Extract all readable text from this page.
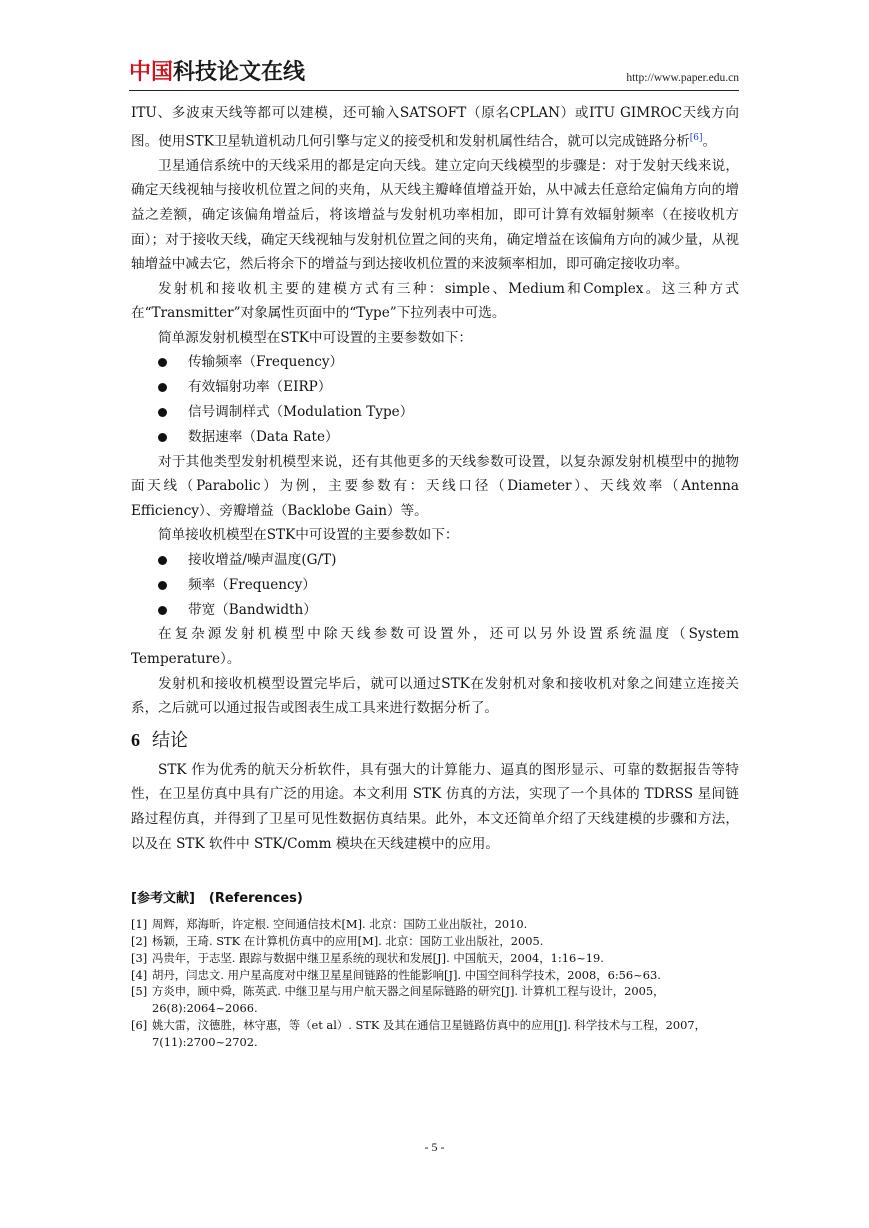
中国科技论文在线	http://www.paper.edu.cn

ITU、多波束天线等都可以建模，还可输入SATSOFT（原名CPLAN）或ITU GIMROC天线方向图。使用STK卫星轨道机动几何引擎与定义的接受机和发射机属性结合，就可以完成链路分析[6]。

卫星通信系统中的天线采用的都是定向天线。建立定向天线模型的步骤是：对于发射天线来说，确定天线视轴与接收机位置之间的夹角，从天线主瓣峰值增益开始，从中减去任意给定偏角方向的增益之差额，确定该偏角增益后，将该增益与发射机功率相加，即可计算有效辐射频率（在接收机方面）；对于接收天线，确定天线视轴与发射机位置之间的夹角，确定增益在该偏角方向的减少量，从视轴增益中减去它，然后将余下的增益与到达接收机位置的来波频率相加，即可确定接收功率。

发射机和接收机主要的建模方式有三种：simple、Medium和Complex。这三种方式在“Transmitter”对象属性页面中的“Type”下拉列表中可选。

简单源发射机模型在STK中可设置的主要参数如下：

传输频率（Frequency）
有效辐射功率（EIRP）
信号调制样式（Modulation Type）
数据速率（Data Rate）

对于其他类型发射机模型来说，还有其他更多的天线参数可设置，以复杂源发射机模型中的抛物面天线（Parabolic）为例，主要参数有：天线口径（Diameter）、天线效率（Antenna Efficiency）、旁瓣增益（Backlobe Gain）等。

简单接收机模型在STK中可设置的主要参数如下：

接收增益/噪声温度(G/T)
频率（Frequency）
带宽（Bandwidth）

在复杂源发射机模型中除天线参数可设置外，还可以另外设置系统温度（System Temperature）。

发射机和接收机模型设置完毕后，就可以通过STK在发射机对象和接收机对象之间建立连接关系，之后就可以通过报告或图表生成工具来进行数据分析了。

6 结论

STK 作为优秀的航天分析软件，具有强大的计算能力、逼真的图形显示、可靠的数据报告等特性，在卫星仿真中具有广泛的用途。本文利用 STK 仿真的方法，实现了一个具体的 TDRSS 星间链路过程仿真，并得到了卫星可见性数据仿真结果。此外，本文还简单介绍了天线建模的步骤和方法，以及在 STK 软件中 STK/Comm 模块在天线建模中的应用。

[参考文献] (References)
[1] 周辉，郑海昕，许定根. 空间通信技术[M]. 北京：国防工业出版社，2010.
[2] 杨颖，王琦. STK 在计算机仿真中的应用[M]. 北京：国防工业出版社，2005.
[3] 冯贵年，于志坚. 跟踪与数据中继卫星系统的现状和发展[J]. 中国航天，2004，1:16~19.
[4] 胡丹，闫忠文. 用户星高度对中继卫星星间链路的性能影响[J]. 中国空间科学技术，2008，6:56~63.
[5] 方炎申，顾中舜，陈英武. 中继卫星与用户航天器之间星际链路的研究[J]. 计算机工程与设计，2005，26(8):2064~2066.
[6] 姚大雷，汶德胜，林守惠，等（et al）. STK 及其在通信卫星链路仿真中的应用[J]. 科学技术与工程，2007，7(11):2700~2702.
- 5 -
